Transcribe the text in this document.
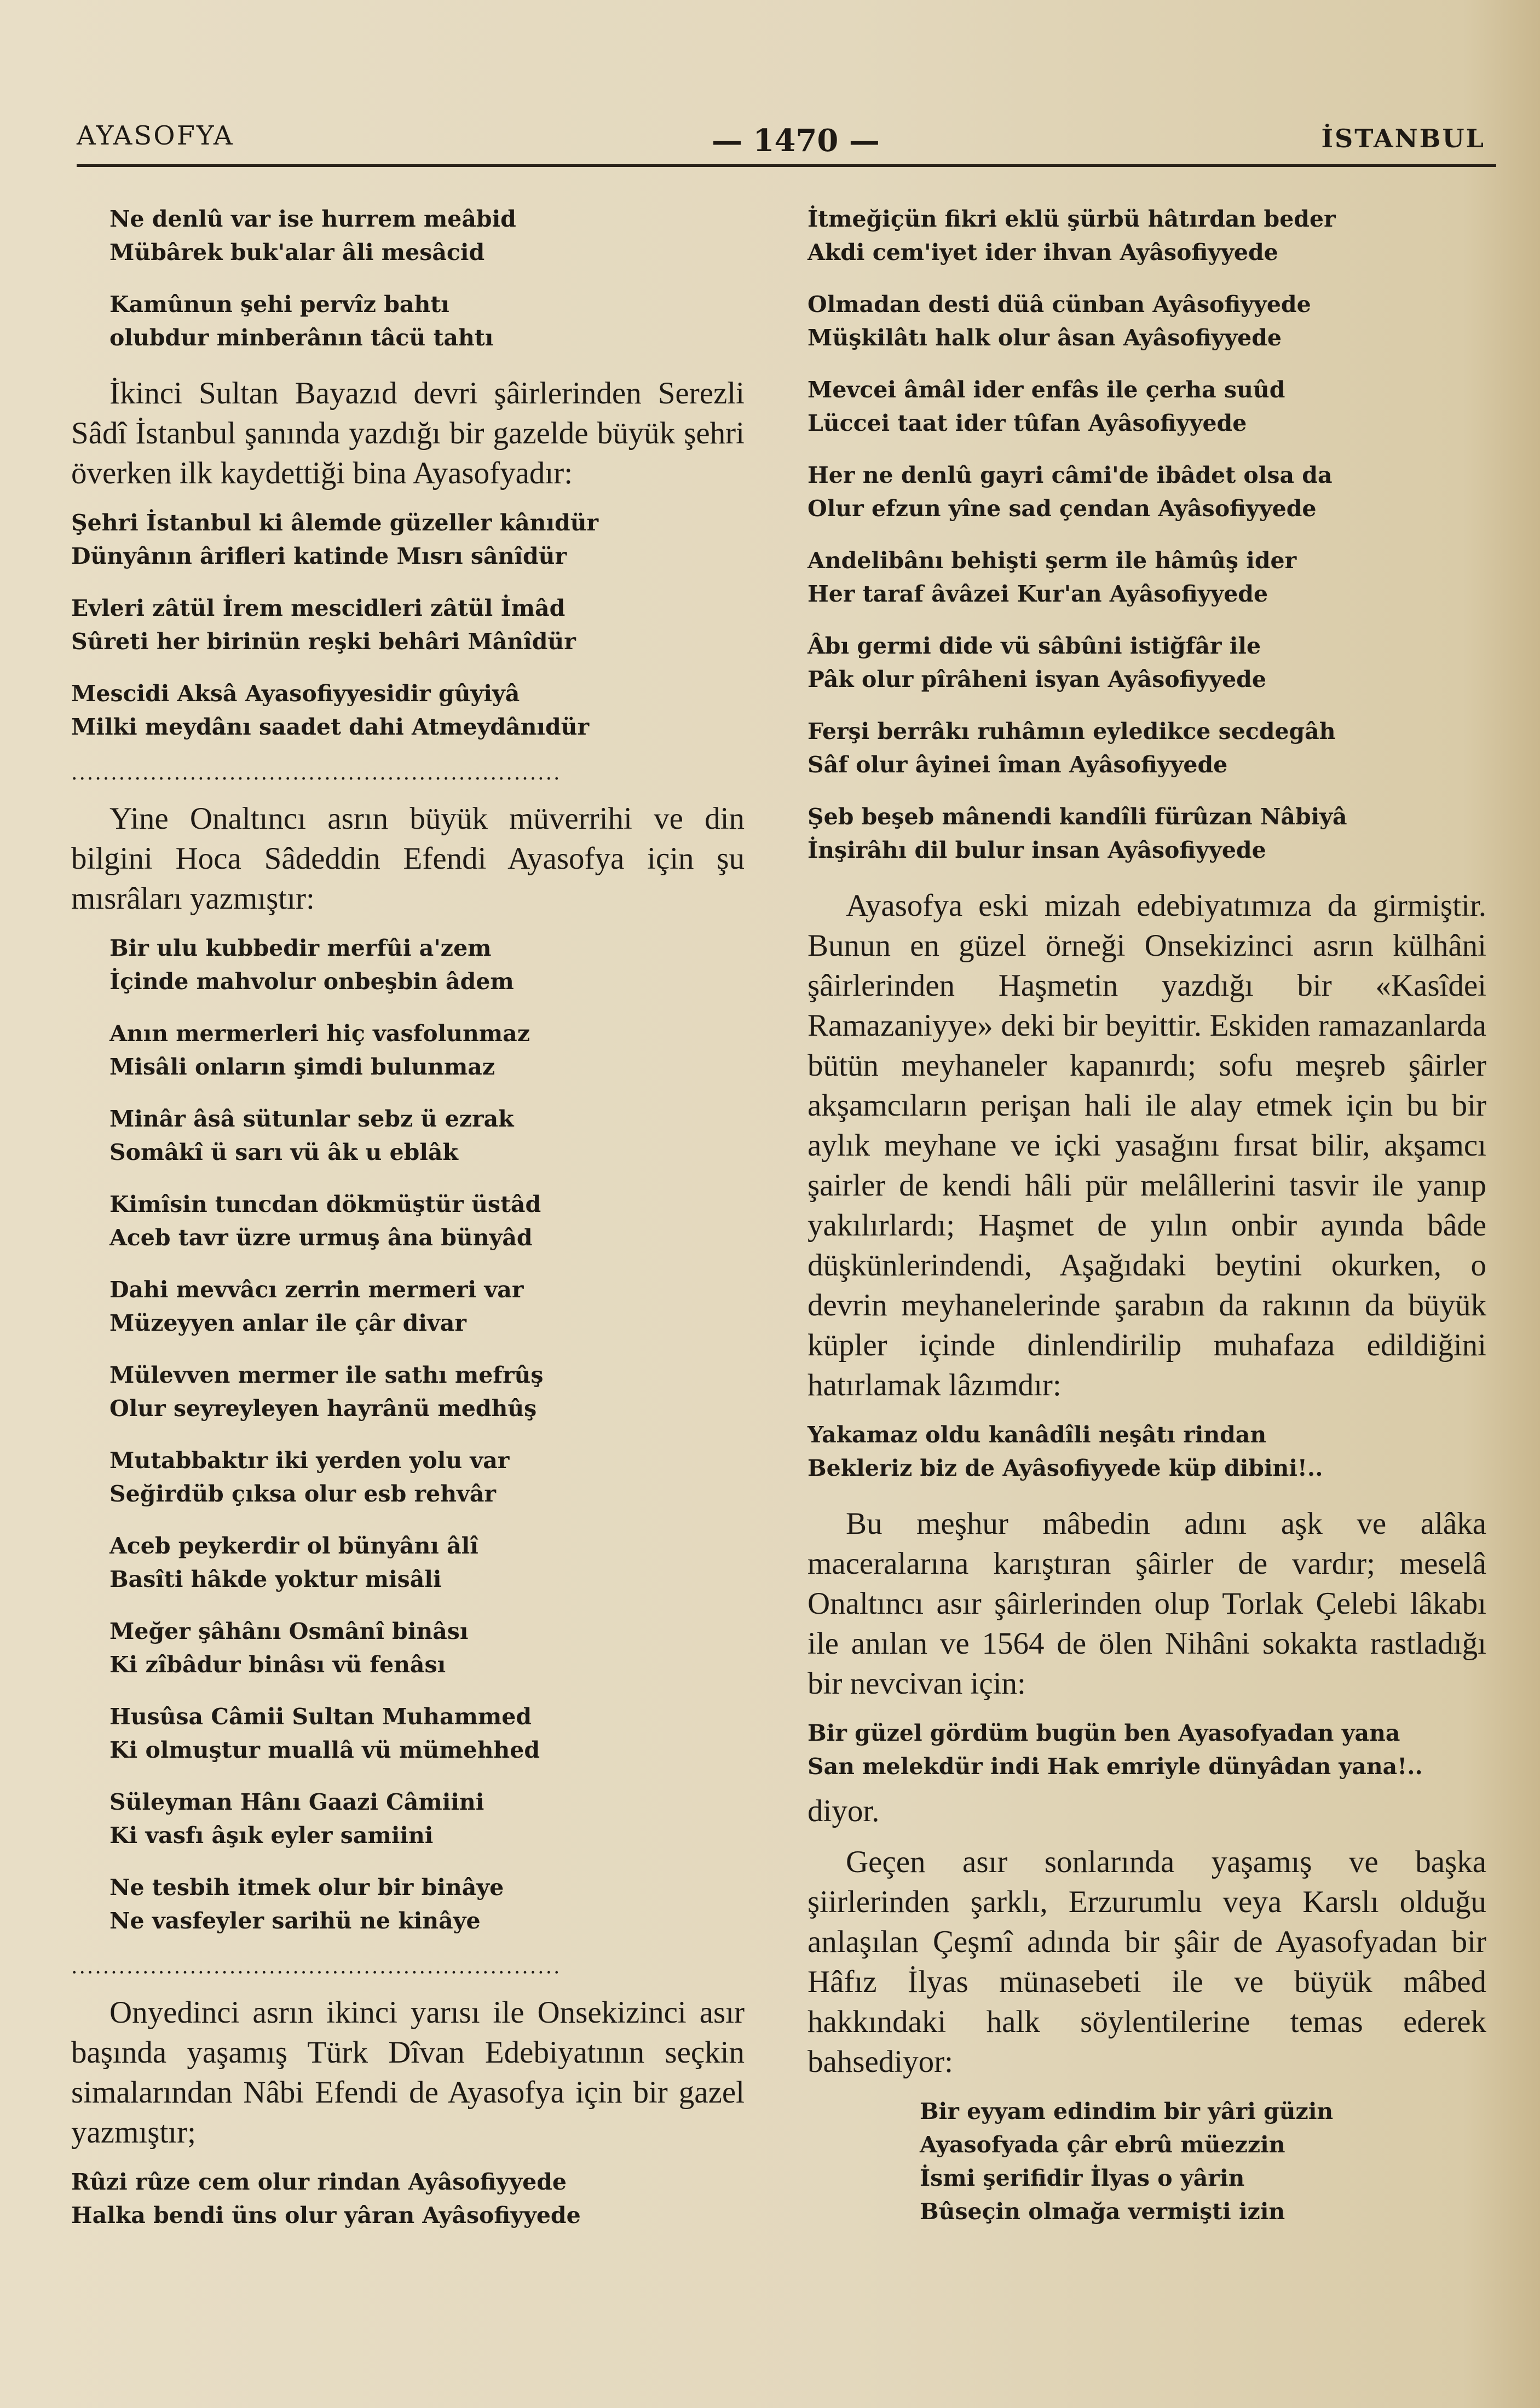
AYASOFYA	— 1470 —	İSTANBUL
Ne denlû var ise hurrem meâbid
Mübârek buk'alar âli mesâcid
Kamûnun şehi pervîz bahtı
olubdur minberânın tâcü tahtı

İkinci Sultan Bayazıd devri şâirlerinden Serezli Sâdî İstanbul şanında yazdığı bir gazelde büyük şehri överken ilk kaydettiği bina Ayasofyadır:

Şehri İstanbul ki âlemde güzeller kânıdür
Dünyânın ârifleri katinde Mısrı sânîdür
Evleri zâtül İrem mescidleri zâtül İmâd
Sûreti her birinün reşki behâri Mânîdür
Mescidi Aksâ Ayasofiyyesidir gûyiyâ
Milki meydânı saadet dahi Atmeydânıdür
..............................................................

Yine Onaltıncı asrın büyük müverrihi ve din bilgini Hoca Sâdeddin Efendi Ayasofya için şu mısrâları yazmıştır:

Bir ulu kubbedir merfûi a'zem
İçinde mahvolur onbeşbin âdem
Anın mermerleri hiç vasfolunmaz
Misâli onların şimdi bulunmaz
Minâr âsâ sütunlar sebz ü ezrak
Somâkî ü sarı vü âk u eblâk
Kimîsin tuncdan dökmüştür üstâd
Aceb tavr üzre urmuş âna bünyâd
Dahi mevvâcı zerrin mermeri var
Müzeyyen anlar ile çâr divar
Mülevven mermer ile sathı mefrûş
Olur seyreyleyen hayrânü medhûş
Mutabbaktır iki yerden yolu var
Seğirdüb çıksa olur esb rehvâr
Aceb peykerdir ol bünyânı âlî
Basîti hâkde yoktur misâli
Meğer şâhânı Osmânî binâsı
Ki zîbâdur binâsı vü fenâsı
Husûsa Câmii Sultan Muhammed
Ki olmuştur muallâ vü mümehhed
Süleyman Hânı Gaazi Câmiini
Ki vasfı âşık eyler samiini
Ne tesbih itmek olur bir binâye
Ne vasfeyler sarihü ne kinâye
..............................................................

Onyedinci asrın ikinci yarısı ile Onsekizinci asır başında yaşamış Türk Dîvan Edebiyatının seçkin simalarından Nâbi Efendi de Ayasofya için bir gazel yazmıştır;

Rûzi rûze cem olur rindan Ayâsofiyyede
Halka bendi üns olur yâran Ayâsofiyyede
İtmeğiçün fikri eklü şürbü hâtırdan beder
Akdi cem'iyet ider ihvan Ayâsofiyyede
Olmadan desti düâ cünban Ayâsofiyyede
Müşkilâtı halk olur âsan Ayâsofiyyede
Mevcei âmâl ider enfâs ile çerha suûd
Lüccei taat ider tûfan Ayâsofiyyede
Her ne denlû gayri câmi'de ibâdet olsa da
Olur efzun yîne sad çendan Ayâsofiyyede
Andelibânı behişti şerm ile hâmûş ider
Her taraf âvâzei Kur'an Ayâsofiyyede
Âbı germi dide vü sâbûni istiğfâr ile
Pâk olur pîrâheni isyan Ayâsofiyyede
Ferşi berrâkı ruhâmın eyledikce secdegâh
Sâf olur âyinei îman Ayâsofiyyede
Şeb beşeb mânendi kandîli fürûzan Nâbiyâ
İnşirâhı dil bulur insan Ayâsofiyyede

Ayasofya eski mizah edebiyatımıza da girmiştir. Bunun en güzel örneği Onsekizinci asrın külhâni şâirlerinden Haşmetin yazdığı bir «Kasîdei Ramazaniyye» deki bir beyittir. Eskiden ramazanlarda bütün meyhaneler kapanırdı; sofu meşreb şâirler akşamcıların perişan hali ile alay etmek için bu bir aylık meyhane ve içki yasağını fırsat bilir, akşamcı şairler de kendi hâli pür melâllerini tasvir ile yanıp yakılırlardı; Haşmet de yılın onbir ayında bâde düşkünlerindendi, Aşağıdaki beytini okurken, o devrin meyhanelerinde şarabın da rakının da büyük küpler içinde dinlendirilip muhafaza edildiğini hatırlamak lâzımdır:

Yakamaz oldu kanâdîli neşâtı rindan
Bekleriz biz de Ayâsofiyyede küp dibini!..

Bu meşhur mâbedin adını aşk ve alâka maceralarına karıştıran şâirler de vardır; meselâ Onaltıncı asır şâirlerinden olup Torlak Çelebi lâkabı ile anılan ve 1564 de ölen Nihâni sokakta rastladığı bir nevcivan için:

Bir güzel gördüm bugün ben Ayasofyadan yana
San melekdür indi Hak emriyle dünyâdan yana!..
diyor.

Geçen asır sonlarında yaşamış ve başka şiirlerinden şarklı, Erzurumlu veya Karslı olduğu anlaşılan Çeşmî adında bir şâir de Ayasofyadan bir Hâfız İlyas münasebeti ile ve büyük mâbed hakkındaki halk söylentilerine temas ederek bahsediyor:

Bir eyyam edindim bir yâri güzin
Ayasofyada çâr ebrû müezzin
İsmi şerifidir İlyas o yârin
Bûseçin olmağa vermişti izin
